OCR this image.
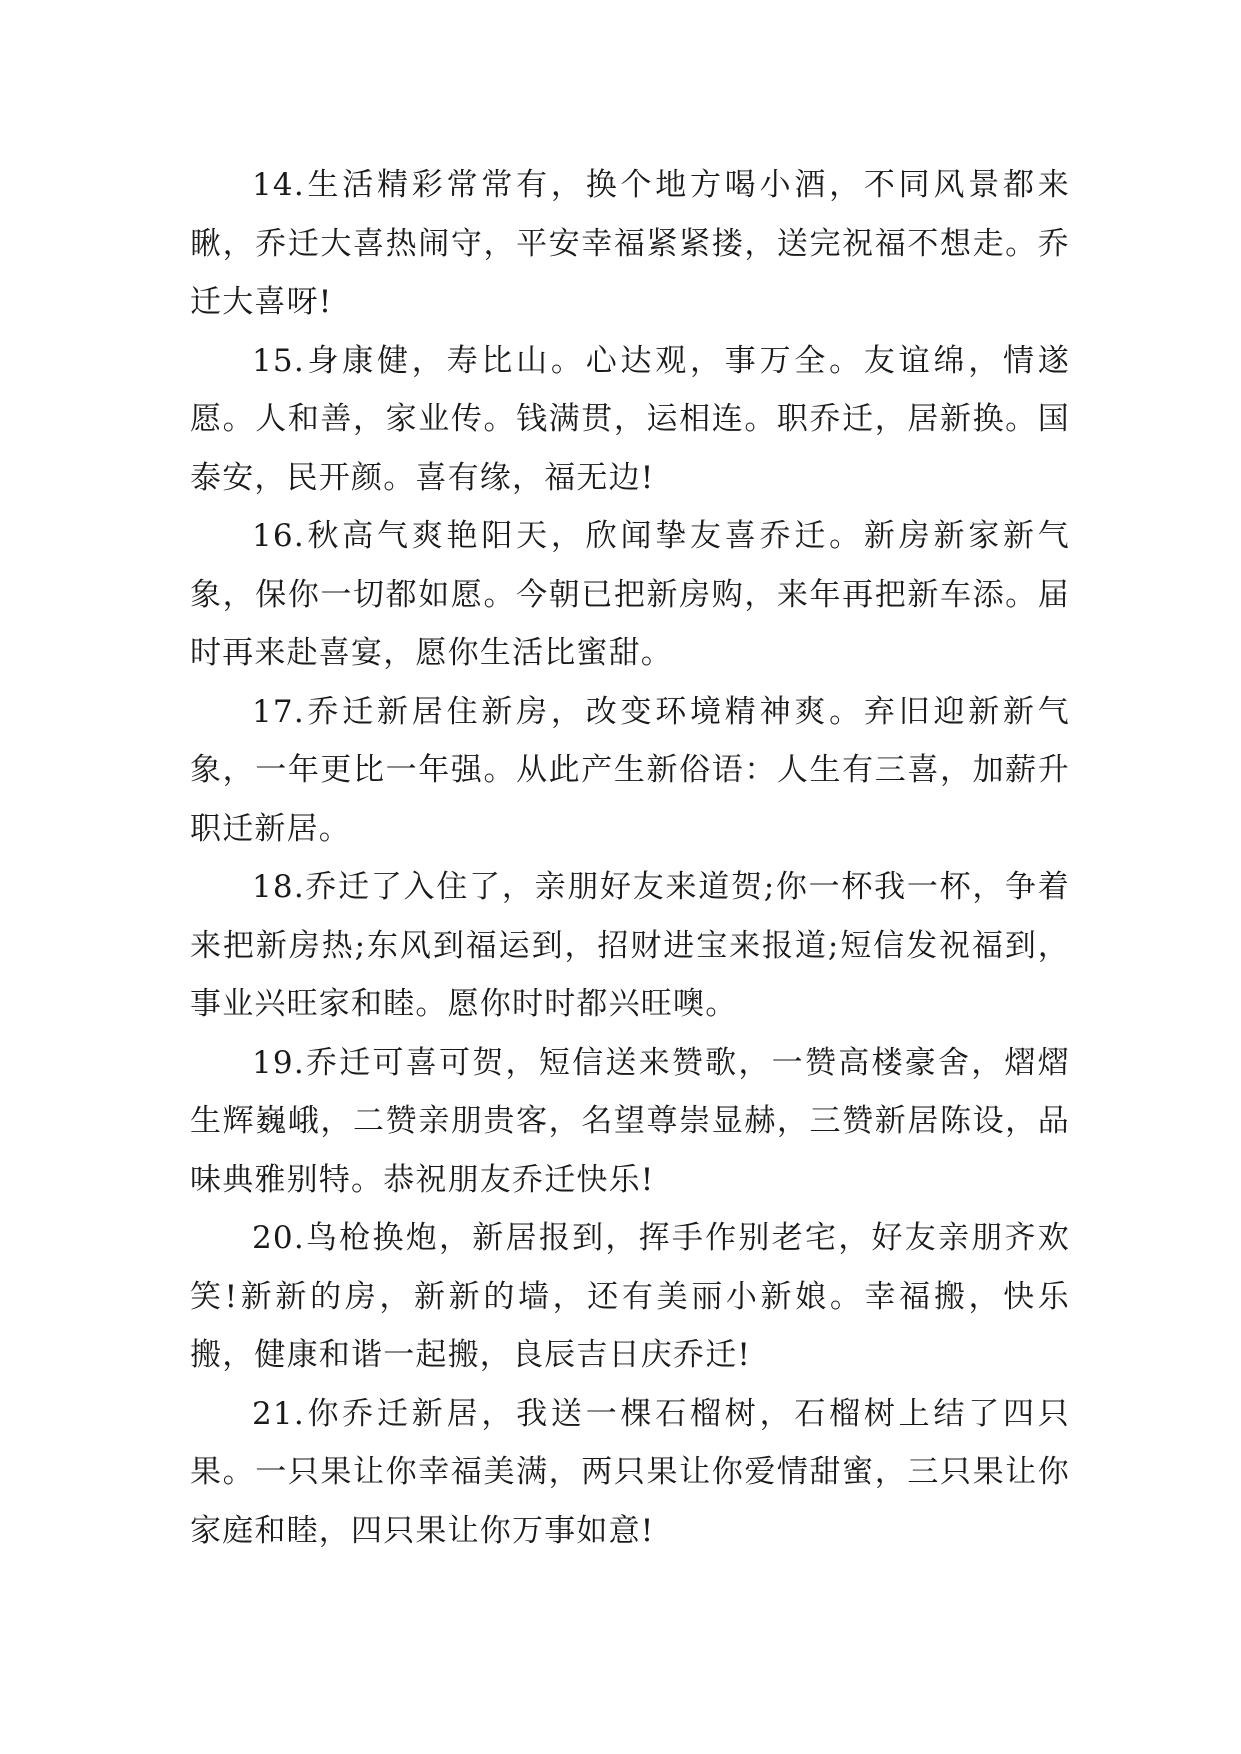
14.生活精彩常常有，换个地方喝小酒，不同风景都来瞅，乔迁大喜热闹守，平安幸福紧紧搂，送完祝福不想走。乔迁大喜呀!

15.身康健，寿比山。心达观，事万全。友谊绵，情遂愿。人和善，家业传。钱满贯，运相连。职乔迁，居新换。国泰安，民开颜。喜有缘，福无边!

16.秋高气爽艳阳天，欣闻挚友喜乔迁。新房新家新气象，保你一切都如愿。今朝已把新房购，来年再把新车添。届时再来赴喜宴，愿你生活比蜜甜。

17.乔迁新居住新房，改变环境精神爽。弃旧迎新新气象，一年更比一年强。从此产生新俗语：人生有三喜，加薪升职迁新居。

18.乔迁了入住了，亲朋好友来道贺;你一杯我一杯，争着来把新房热;东风到福运到，招财进宝来报道;短信发祝福到，事业兴旺家和睦。愿你时时都兴旺噢。

19.乔迁可喜可贺，短信送来赞歌，一赞高楼豪舍，熠熠生辉巍峨，二赞亲朋贵客，名望尊崇显赫，三赞新居陈设，品味典雅别特。恭祝朋友乔迁快乐!

20.鸟枪换炮，新居报到，挥手作别老宅，好友亲朋齐欢笑!新新的房，新新的墙，还有美丽小新娘。幸福搬，快乐搬，健康和谐一起搬，良辰吉日庆乔迁!

21.你乔迁新居，我送一棵石榴树，石榴树上结了四只果。一只果让你幸福美满，两只果让你爱情甜蜜，三只果让你家庭和睦，四只果让你万事如意!
